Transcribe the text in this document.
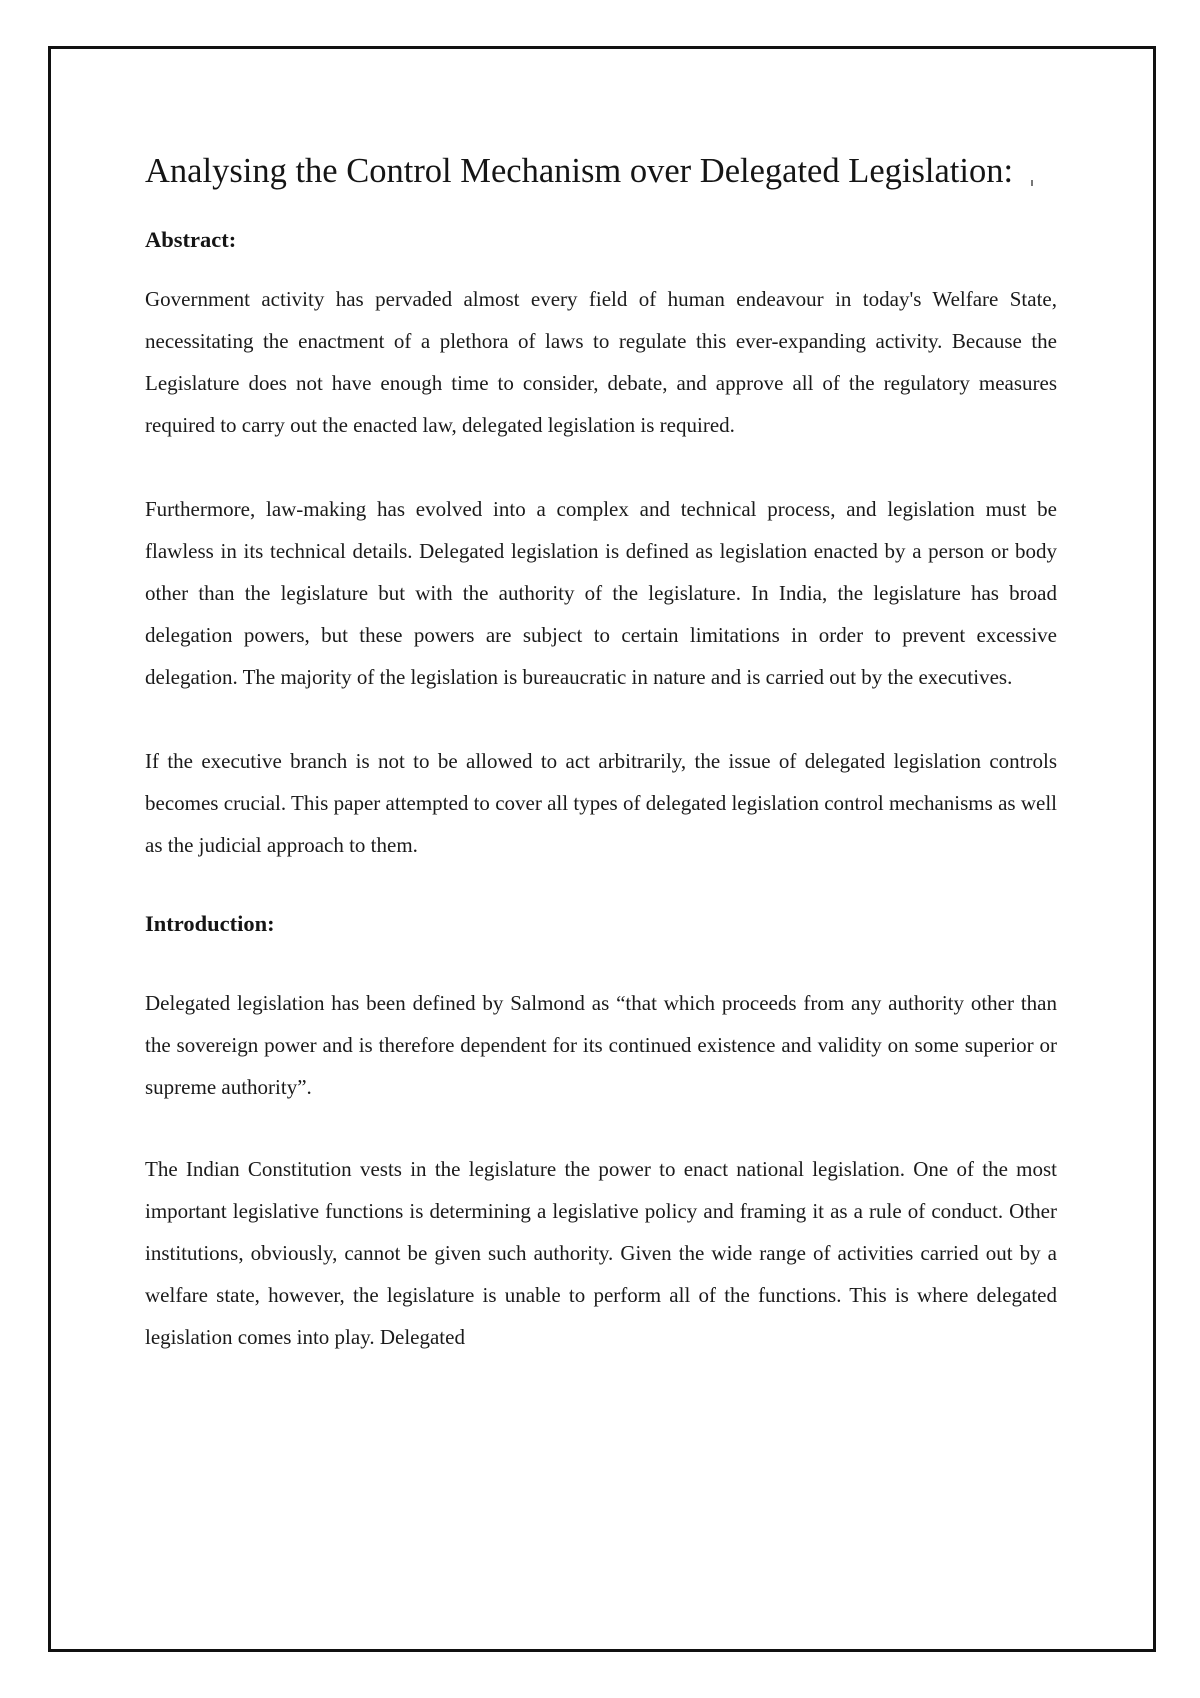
Analysing the Control Mechanism over Delegated Legislation:
Abstract:

Government activity has pervaded almost every field of human endeavour in today's Welfare State, necessitating the enactment of a plethora of laws to regulate this ever-expanding activity. Because the Legislature does not have enough time to consider, debate, and approve all of the regulatory measures required to carry out the enacted law, delegated legislation is required.

Furthermore, law-making has evolved into a complex and technical process, and legislation must be flawless in its technical details. Delegated legislation is defined as legislation enacted by a person or body other than the legislature but with the authority of the legislature. In India, the legislature has broad delegation powers, but these powers are subject to certain limitations in order to prevent excessive delegation. The majority of the legislation is bureaucratic in nature and is carried out by the executives.

If the executive branch is not to be allowed to act arbitrarily, the issue of delegated legislation controls becomes crucial. This paper attempted to cover all types of delegated legislation control mechanisms as well as the judicial approach to them.

Introduction:

Delegated legislation has been defined by Salmond as “that which proceeds from any authority other than the sovereign power and is therefore dependent for its continued existence and validity on some superior or supreme authority”.

The Indian Constitution vests in the legislature the power to enact national legislation. One of the most important legislative functions is determining a legislative policy and framing it as a rule of conduct. Other institutions, obviously, cannot be given such authority. Given the wide range of activities carried out by a welfare state, however, the legislature is unable to perform all of the functions. This is where delegated legislation comes into play. Delegated
